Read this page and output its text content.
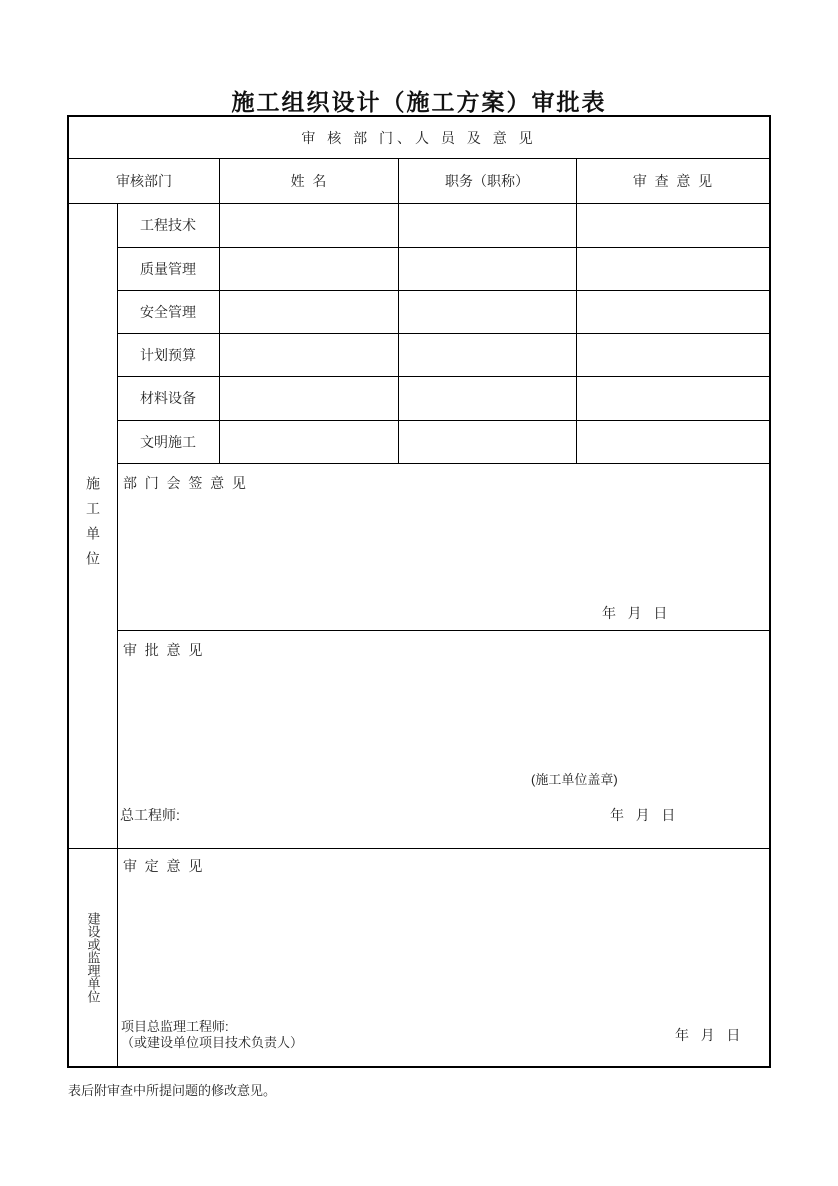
施工组织设计（施工方案）审批表
审 核 部 门、人 员 及 意 见
审核部门	姓  名	职务（职称）	审  查  意  见
工程技术
质量管理
安全管理
计划预算
材料设备
文明施工
施工单位
建设或监理单位
部  门  会  签  意  见
年   月   日
审  批  意  见
(施工单位盖章)
总工程师:	年   月   日
审  定  意  见
项目总监理工程师:
（或建设单位项目技术负责人）	年   月   日
表后附审查中所提问题的修改意见。
